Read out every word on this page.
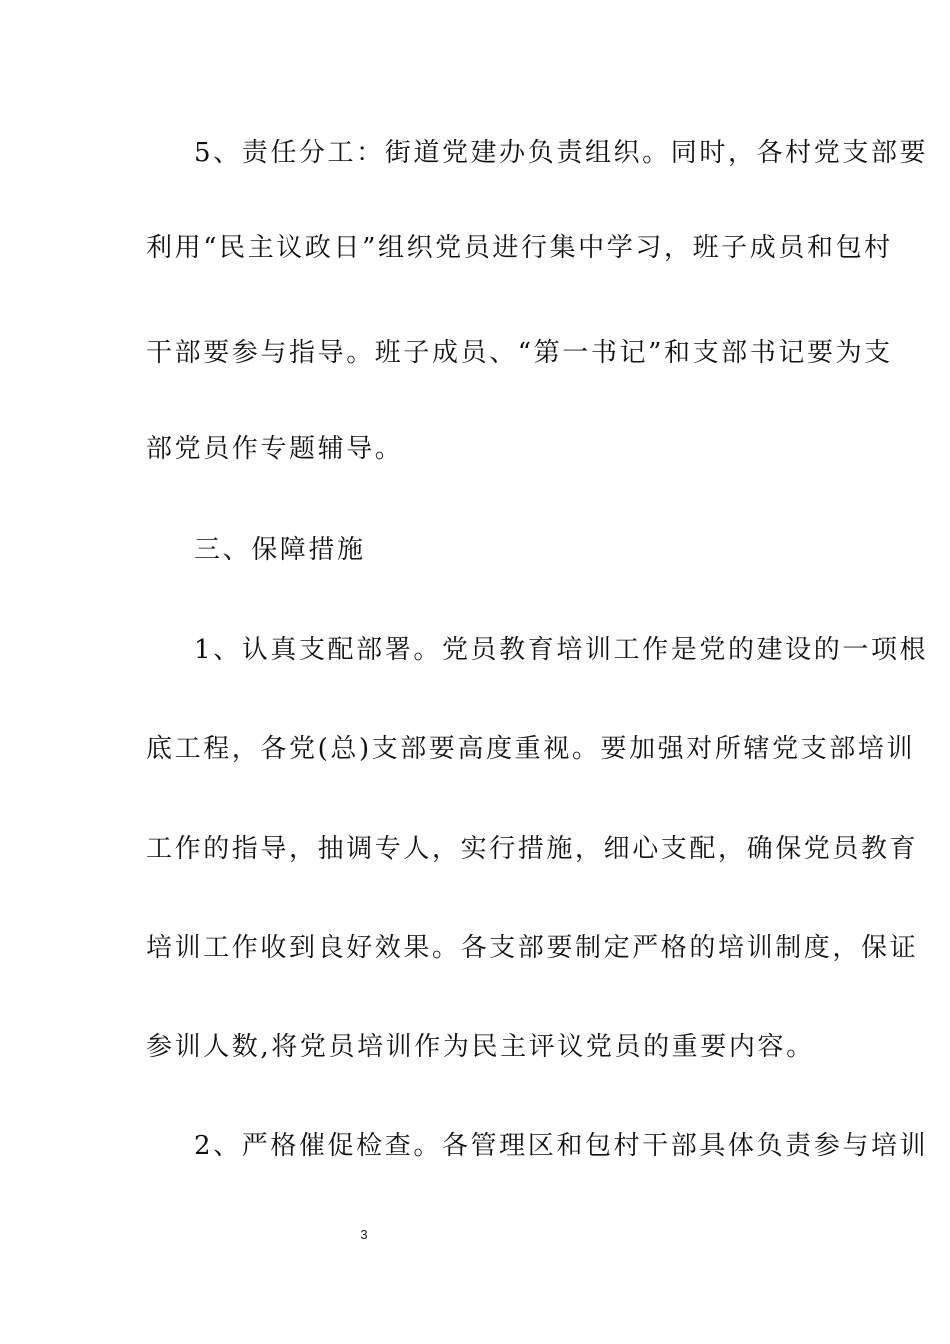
5、责任分工：街道党建办负责组织。同时，各村党支部要
利用“民主议政日”组织党员进行集中学习，班子成员和包村
干部要参与指导。班子成员、“第一书记”和支部书记要为支
部党员作专题辅导。
三、保障措施
1、认真支配部署。党员教育培训工作是党的建设的一项根
底工程，各党(总)支部要高度重视。要加强对所辖党支部培训
工作的指导，抽调专人，实行措施，细心支配，确保党员教育
培训工作收到良好效果。各支部要制定严格的培训制度，保证
参训人数,将党员培训作为民主评议党员的重要内容。
2、严格催促检查。各管理区和包村干部具体负责参与培训
3
